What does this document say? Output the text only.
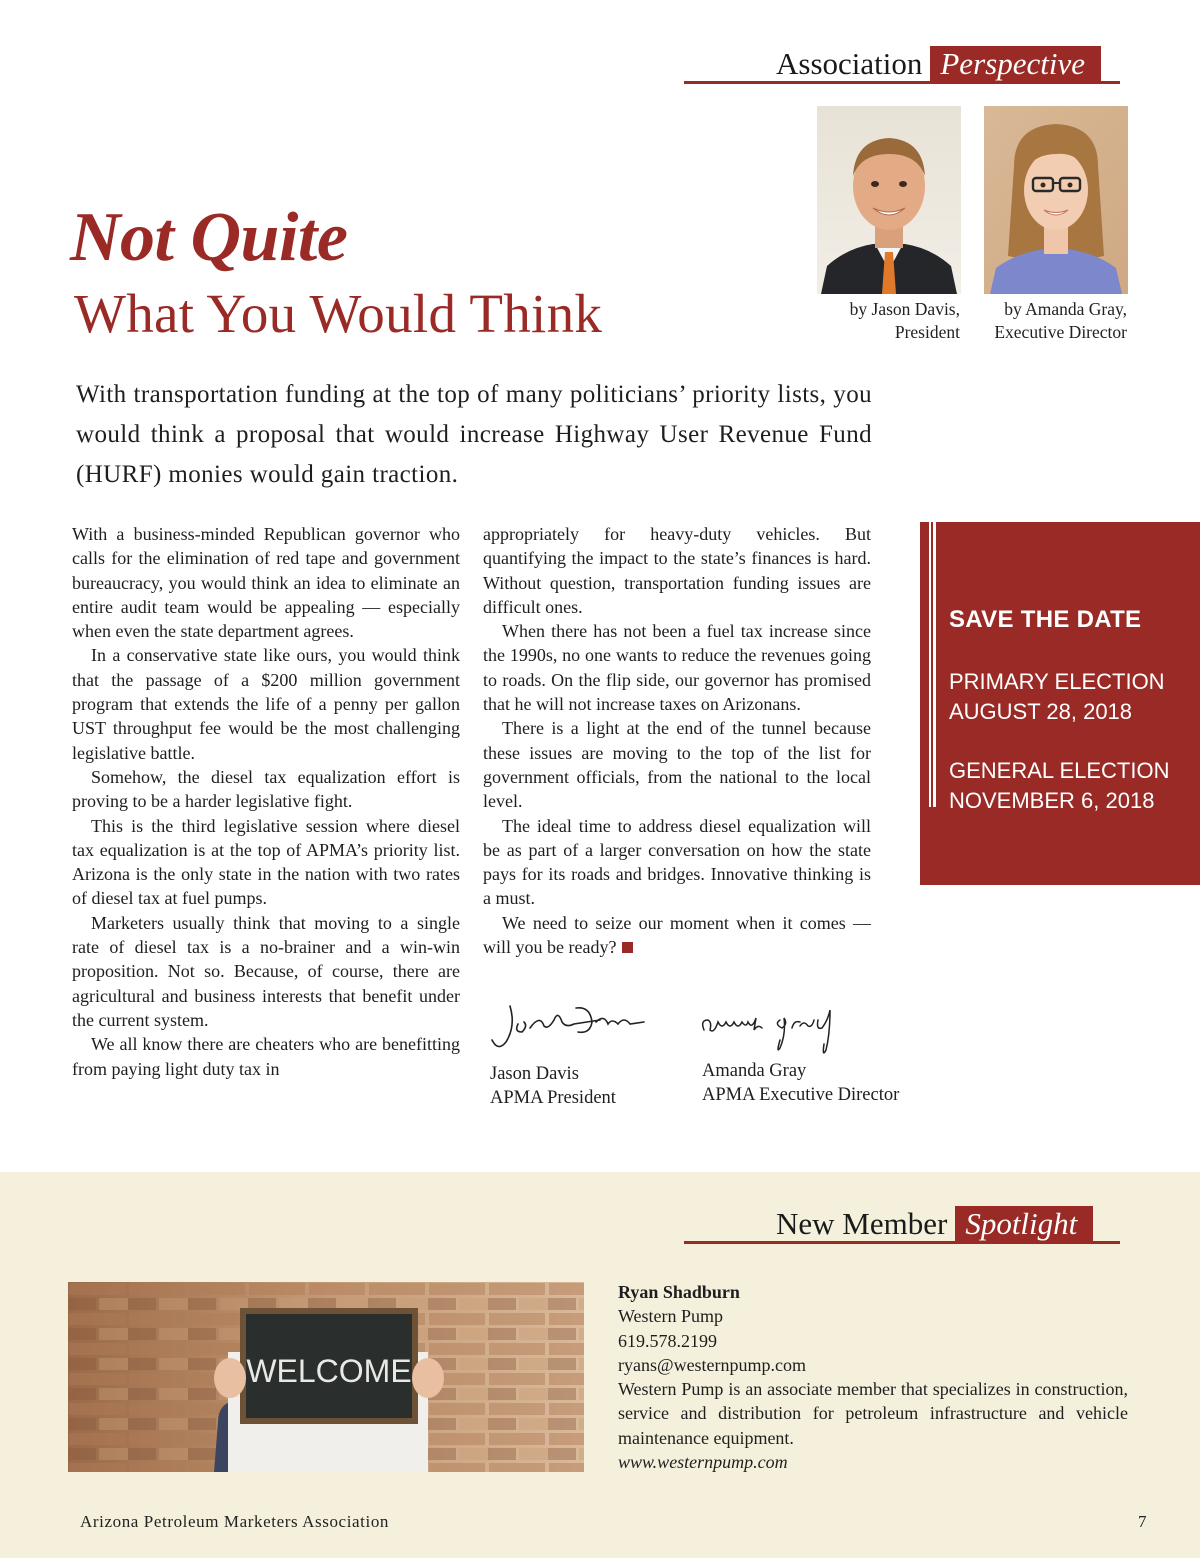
Association Perspective
by Jason Davis,
President
by Amanda Gray,
Executive Director
Not Quite
What You Would Think
With transportation funding at the top of many politicians’ priority lists, you would think a proposal that would increase Highway User Revenue Fund (HURF) monies would gain traction.

With a business-minded Republican governor who calls for the elimination of red tape and government bureaucracy, you would think an idea to eliminate an entire audit team would be appealing — especially when even the state department agrees.

In a conservative state like ours, you would think that the passage of a $200 million government program that extends the life of a penny per gallon UST throughput fee would be the most challenging legislative battle.

Somehow, the diesel tax equalization effort is proving to be a harder legislative fight.

This is the third legislative session where diesel tax equalization is at the top of APMA’s priority list. Arizona is the only state in the nation with two rates of diesel tax at fuel pumps.

Marketers usually think that moving to a single rate of diesel tax is a no-brainer and a win-win proposition. Not so. Because, of course, there are agricultural and business interests that benefit under the current system.

We all know there are cheaters who are benefitting from paying light duty tax in

appropriately for heavy-duty vehicles. But quantifying the impact to the state’s finances is hard. Without question, transportation funding issues are difficult ones.

When there has not been a fuel tax increase since the 1990s, no one wants to reduce the revenues going to roads. On the flip side, our governor has promised that he will not increase taxes on Arizonans.

There is a light at the end of the tunnel because these issues are moving to the top of the list for government officials, from the national to the local level.

The ideal time to address diesel equalization will be as part of a larger conversation on how the state pays for its roads and bridges. Innovative thinking is a must.

We need to seize our moment when it comes — will you be ready?

SAVE THE DATE
PRIMARY ELECTION
AUGUST 28, 2018
GENERAL ELECTION
NOVEMBER 6, 2018
Jason Davis
APMA President
Amanda Gray
APMA Executive Director
New Member Spotlight
WELCOME
Ryan Shadburn
Western Pump
619.578.2199
ryans@westernpump.com
Western Pump is an associate member that specializes in construction, service and distribution for petroleum infrastructure and vehicle maintenance equipment.
www.westernpump.com
Arizona Petroleum Marketers Association	7
